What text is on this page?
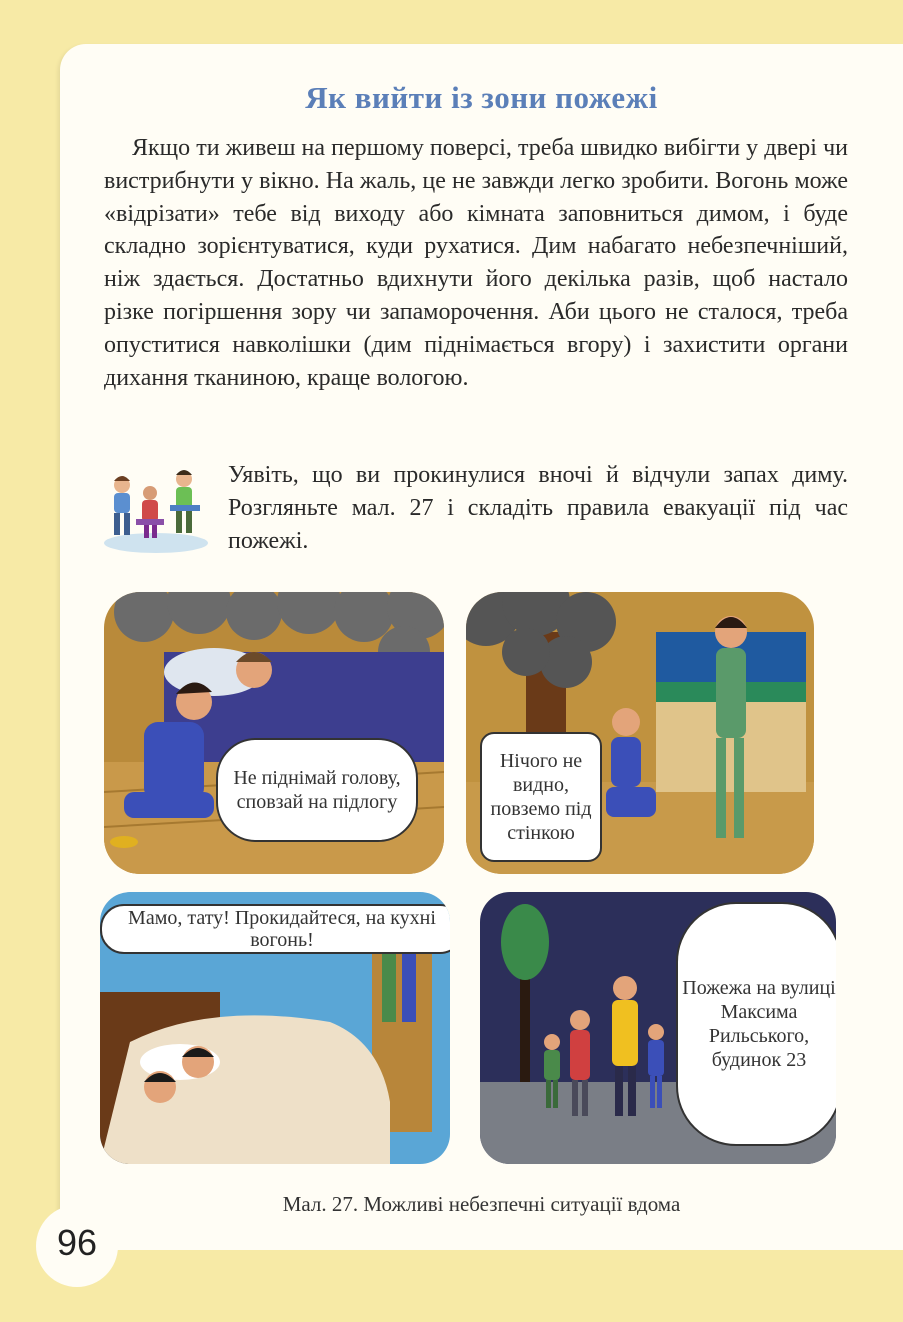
Як вийти із зони пожежі

Якщо ти живеш на першому поверсі, треба швидко вибігти у двері чи вистрибнути у вікно. На жаль, це не завжди легко зробити. Вогонь може «відрізати» тебе від виходу або кімната заповниться димом, і буде складно зорієнтуватися, куди рухатися. Дим набагато небезпечніший, ніж здається. Достатньо вдихнути його декілька разів, щоб настало різке погіршення зору чи запаморочення. Аби цього не сталося, треба опуститися навколішки (дим піднімається вгору) і захистити органи дихання тканиною, краще вологою.

Уявіть, що ви прокинулися вночі й відчули запах диму. Розгляньте мал. 27 і складіть правила евакуації під час пожежі.

Не піднімай голову, сповзай на підлогу
Нічого не видно, повземо під стінкою
Мамо, тату! Прокидайтеся, на кухні вогонь!
Пожежа на вулиці Максима Рильського, будинок 23

Мал. 27. Можливі небезпечні ситуації вдома

96
